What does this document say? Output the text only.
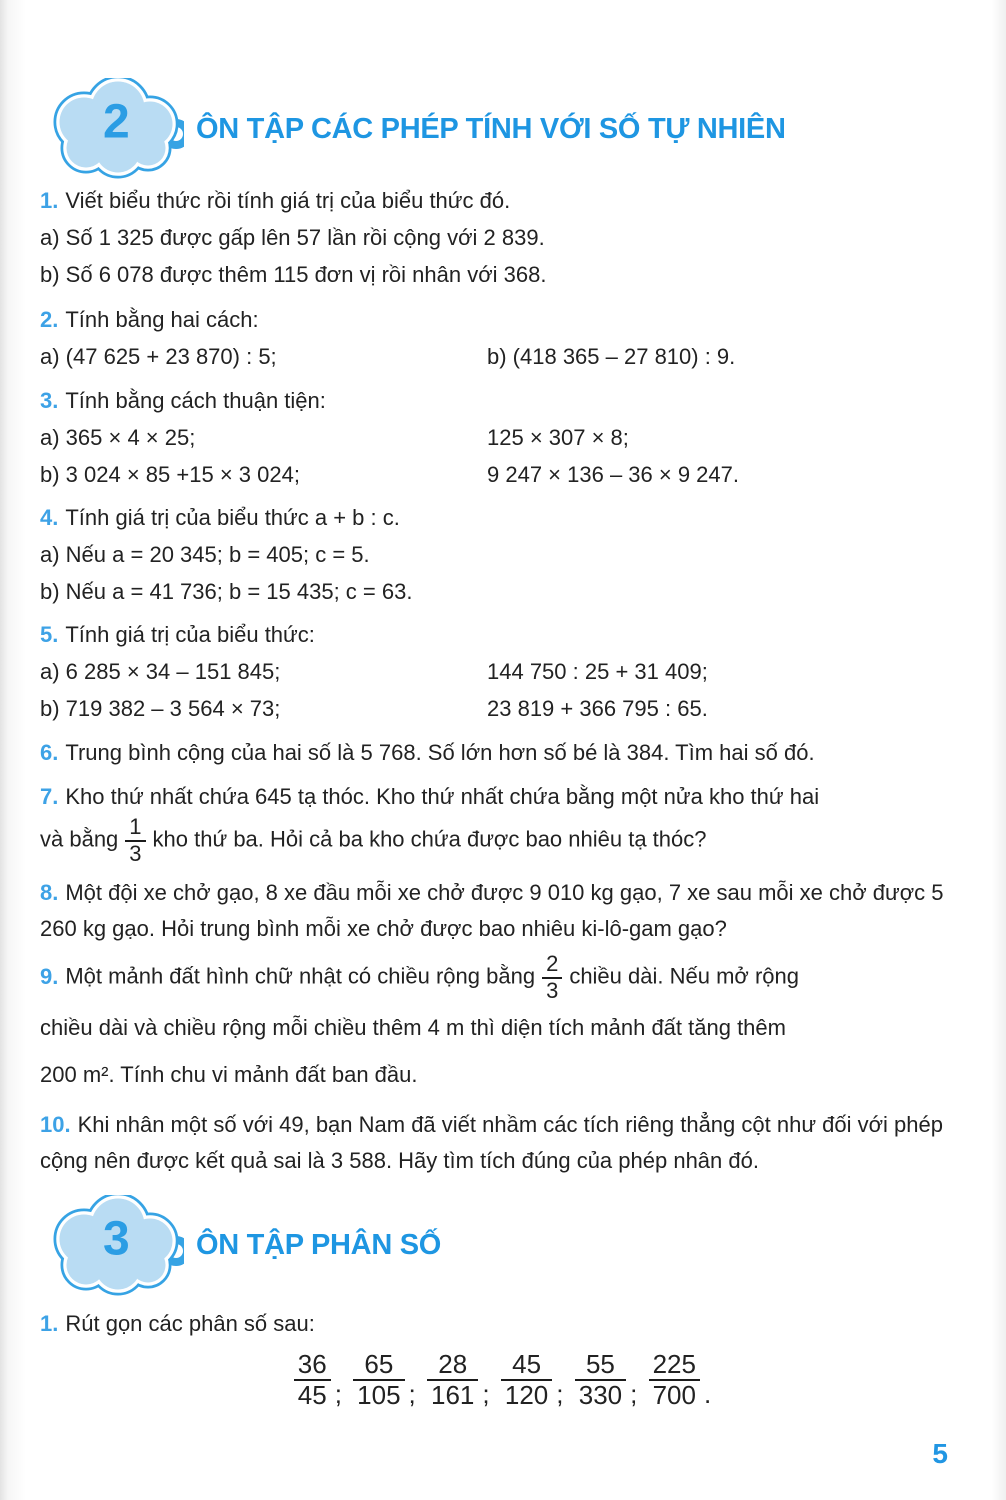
2 ÔN TẬP CÁC PHÉP TÍNH VỚI SỐ TỰ NHIÊN

1. Viết biểu thức rồi tính giá trị của biểu thức đó.

a) Số 1 325 được gấp lên 57 lần rồi cộng với 2 839.

b) Số 6 078 được thêm 115 đơn vị rồi nhân với 368.

2. Tính bằng hai cách:

a) (47 625 + 23 870) : 5;	b) (418 365 – 27 810) : 9.

3. Tính bằng cách thuận tiện:

a) 365 × 4 × 25;	125 × 307 × 8;
b) 3 024 × 85 +15 × 3 024;	9 247 × 136 – 36 × 9 247.

4. Tính giá trị của biểu thức a + b : c.

a) Nếu a = 20 345; b = 405; c = 5.

b) Nếu a = 41 736; b = 15 435; c = 63.

5. Tính giá trị của biểu thức:

a) 6 285 × 34 – 151 845;	144 750 : 25 + 31 409;
b) 719 382 – 3 564 × 73;	23 819 + 366 795 : 65.

6. Trung bình cộng của hai số là 5 768. Số lớn hơn số bé là 384. Tìm hai số đó.

7. Kho thứ nhất chứa 645 tạ thóc. Kho thứ nhất chứa bằng một nửa kho thứ hai

và bằng $\frac{1}{3}$ kho thứ ba. Hỏi cả ba kho chứa được bao nhiêu tạ thóc?

8. Một đội xe chở gạo, 8 xe đầu mỗi xe chở được 9 010 kg gạo, 7 xe sau mỗi xe chở được 5 260 kg gạo. Hỏi trung bình mỗi xe chở được bao nhiêu ki-lô-gam gạo?

9. Một mảnh đất hình chữ nhật có chiều rộng bằng $\frac{2}{3}$ chiều dài. Nếu mở rộng

chiều dài và chiều rộng mỗi chiều thêm 4 m thì diện tích mảnh đất tăng thêm

200 m². Tính chu vi mảnh đất ban đầu.

10. Khi nhân một số với 49, bạn Nam đã viết nhầm các tích riêng thẳng cột như đối với phép cộng nên được kết quả sai là 3 588. Hãy tìm tích đúng của phép nhân đó.

3 ÔN TẬP PHÂN SỐ

1. Rút gọn các phân số sau:

$\frac{36}{45}$ ; $\frac{65}{105}$ ; $\frac{28}{161}$ ; $\frac{45}{120}$ ; $\frac{55}{330}$ ; $\frac{225}{700}$ .
5
